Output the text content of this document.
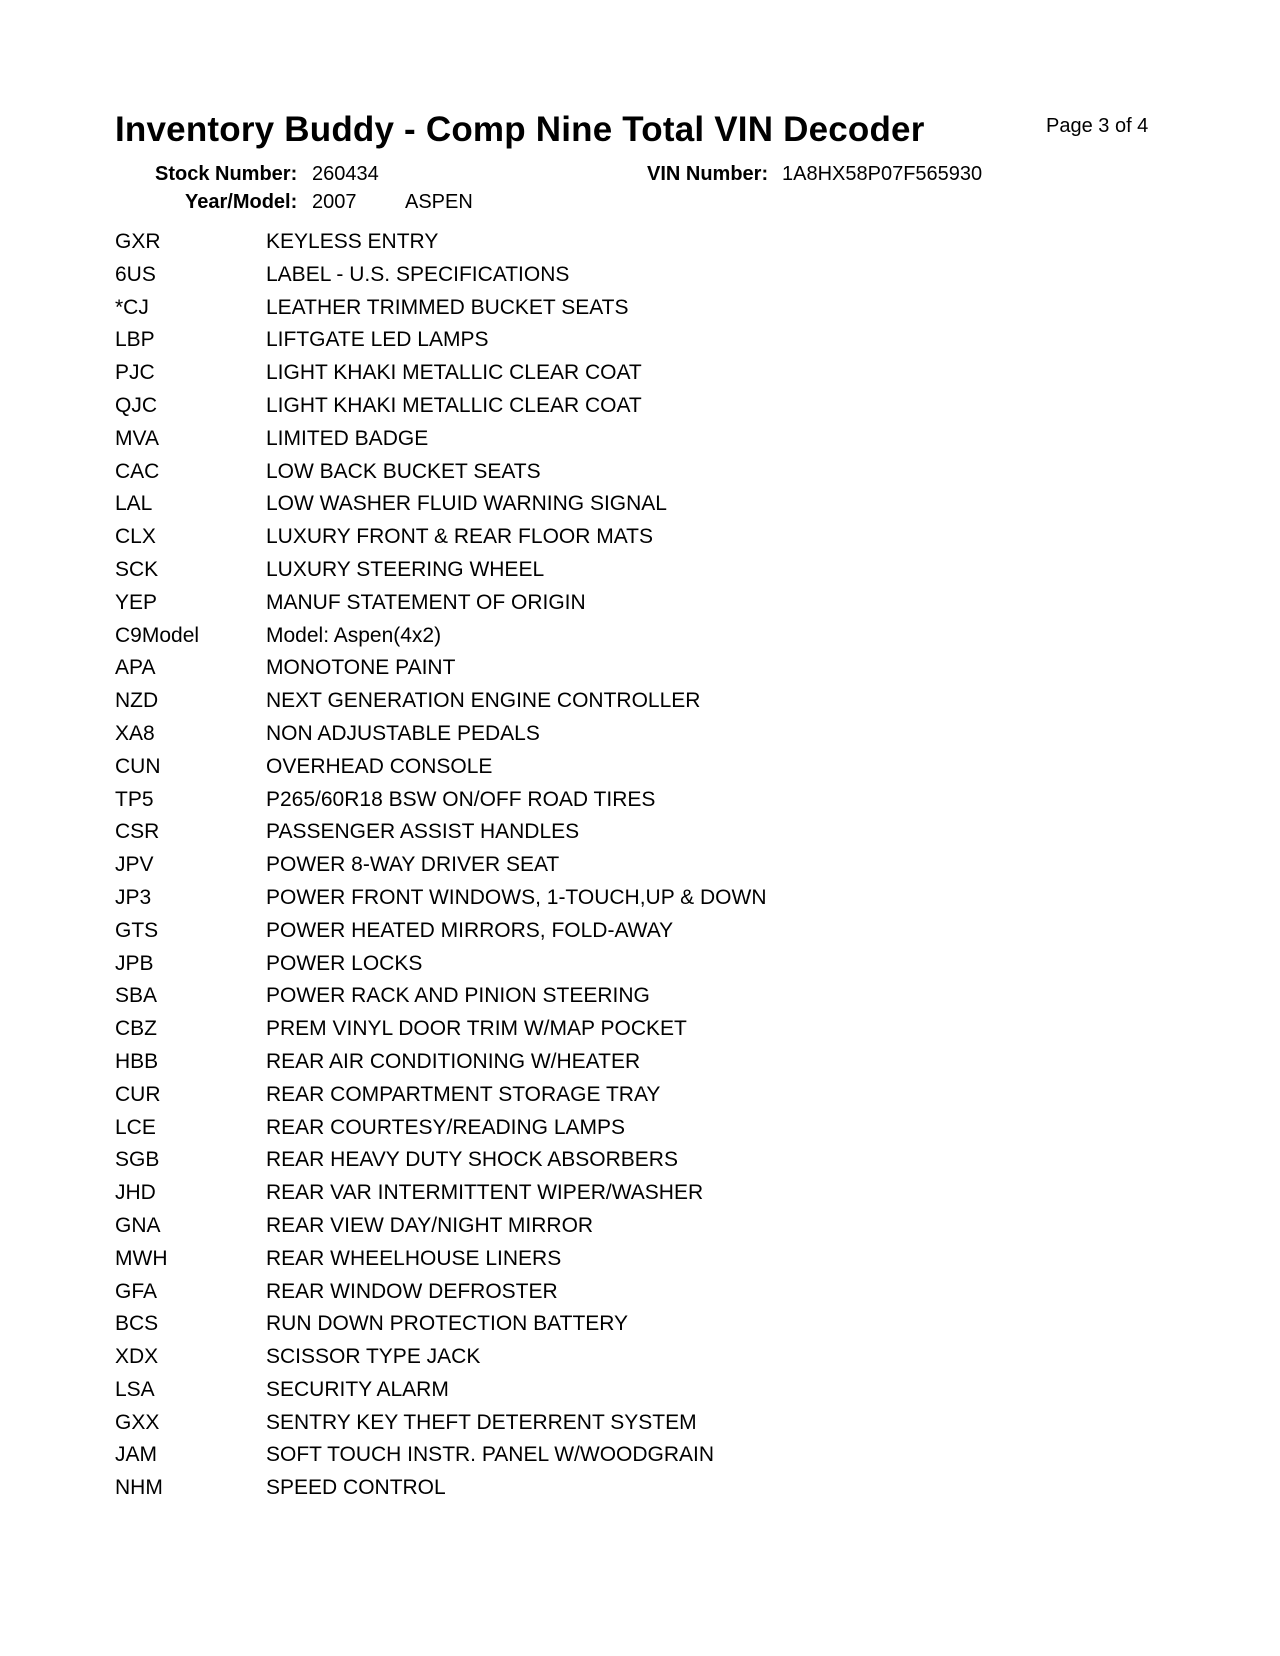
Inventory Buddy - Comp Nine Total VIN Decoder	Page 3 of 4
Stock Number: 260434	VIN Number: 1A8HX58P07F565930
Year/Model: 2007 ASPEN
GXR	KEYLESS ENTRY
6US	LABEL - U.S. SPECIFICATIONS
*CJ	LEATHER TRIMMED BUCKET SEATS
LBP	LIFTGATE LED LAMPS
PJC	LIGHT KHAKI METALLIC CLEAR COAT
QJC	LIGHT KHAKI METALLIC CLEAR COAT
MVA	LIMITED BADGE
CAC	LOW BACK BUCKET SEATS
LAL	LOW WASHER FLUID WARNING SIGNAL
CLX	LUXURY FRONT & REAR FLOOR MATS
SCK	LUXURY STEERING WHEEL
YEP	MANUF STATEMENT OF ORIGIN
C9Model	Model: Aspen(4x2)
APA	MONOTONE PAINT
NZD	NEXT GENERATION ENGINE CONTROLLER
XA8	NON ADJUSTABLE PEDALS
CUN	OVERHEAD CONSOLE
TP5	P265/60R18 BSW ON/OFF ROAD TIRES
CSR	PASSENGER ASSIST HANDLES
JPV	POWER 8-WAY DRIVER SEAT
JP3	POWER FRONT WINDOWS, 1-TOUCH,UP & DOWN
GTS	POWER HEATED MIRRORS, FOLD-AWAY
JPB	POWER LOCKS
SBA	POWER RACK AND PINION STEERING
CBZ	PREM VINYL DOOR TRIM W/MAP POCKET
HBB	REAR AIR CONDITIONING W/HEATER
CUR	REAR COMPARTMENT STORAGE TRAY
LCE	REAR COURTESY/READING LAMPS
SGB	REAR HEAVY DUTY SHOCK ABSORBERS
JHD	REAR VAR INTERMITTENT WIPER/WASHER
GNA	REAR VIEW DAY/NIGHT MIRROR
MWH	REAR WHEELHOUSE LINERS
GFA	REAR WINDOW DEFROSTER
BCS	RUN DOWN PROTECTION BATTERY
XDX	SCISSOR TYPE JACK
LSA	SECURITY ALARM
GXX	SENTRY KEY THEFT DETERRENT SYSTEM
JAM	SOFT TOUCH INSTR. PANEL W/WOODGRAIN
NHM	SPEED CONTROL
